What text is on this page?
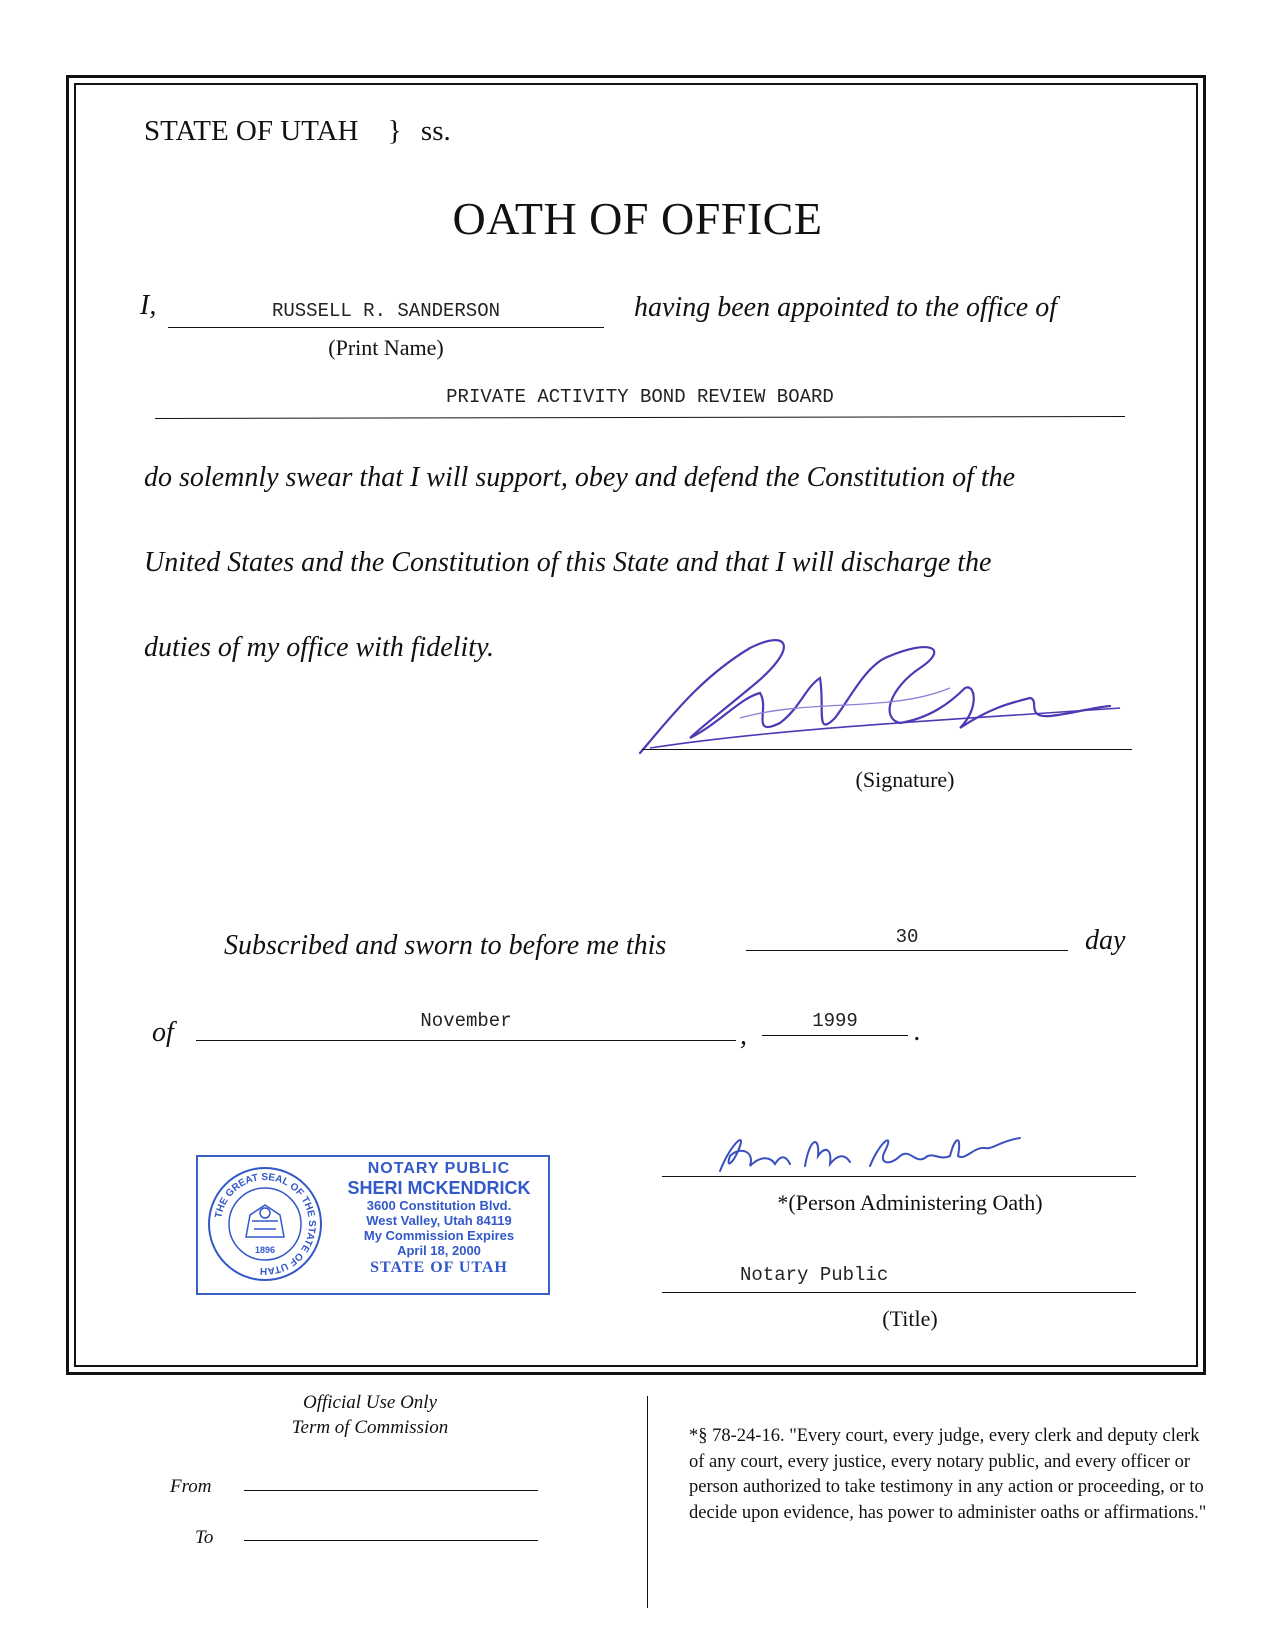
STATE OF UTAH } ss.
OATH OF OFFICE
I,	RUSSELL R. SANDERSON
(Print Name)
having been appointed to the office of
PRIVATE ACTIVITY BOND REVIEW BOARD
do solemnly swear that I will support, obey and defend the Constitution of the
United States and the Constitution of this State and that I will discharge the
duties of my office with fidelity.
(Signature)
Subscribed and sworn to before me this	30	day
of	November	,	1999	.
THE GREAT SEAL OF THE STATE OF UTAH
1896
NOTARY PUBLIC
SHERI MCKENDRICK
3600 Constitution Blvd.
West Valley, Utah 84119
My Commission Expires
April 18, 2000
STATE OF UTAH
*(Person Administering Oath)
Notary Public
(Title)
Official Use Only
Term of Commission
From
To
*§ 78-24-16. "Every court, every judge, every clerk and deputy clerk of any court, every justice, every notary public, and every officer or person authorized to take testimony in any action or proceeding, or to decide upon evidence, has power to administer oaths or affirmations."
